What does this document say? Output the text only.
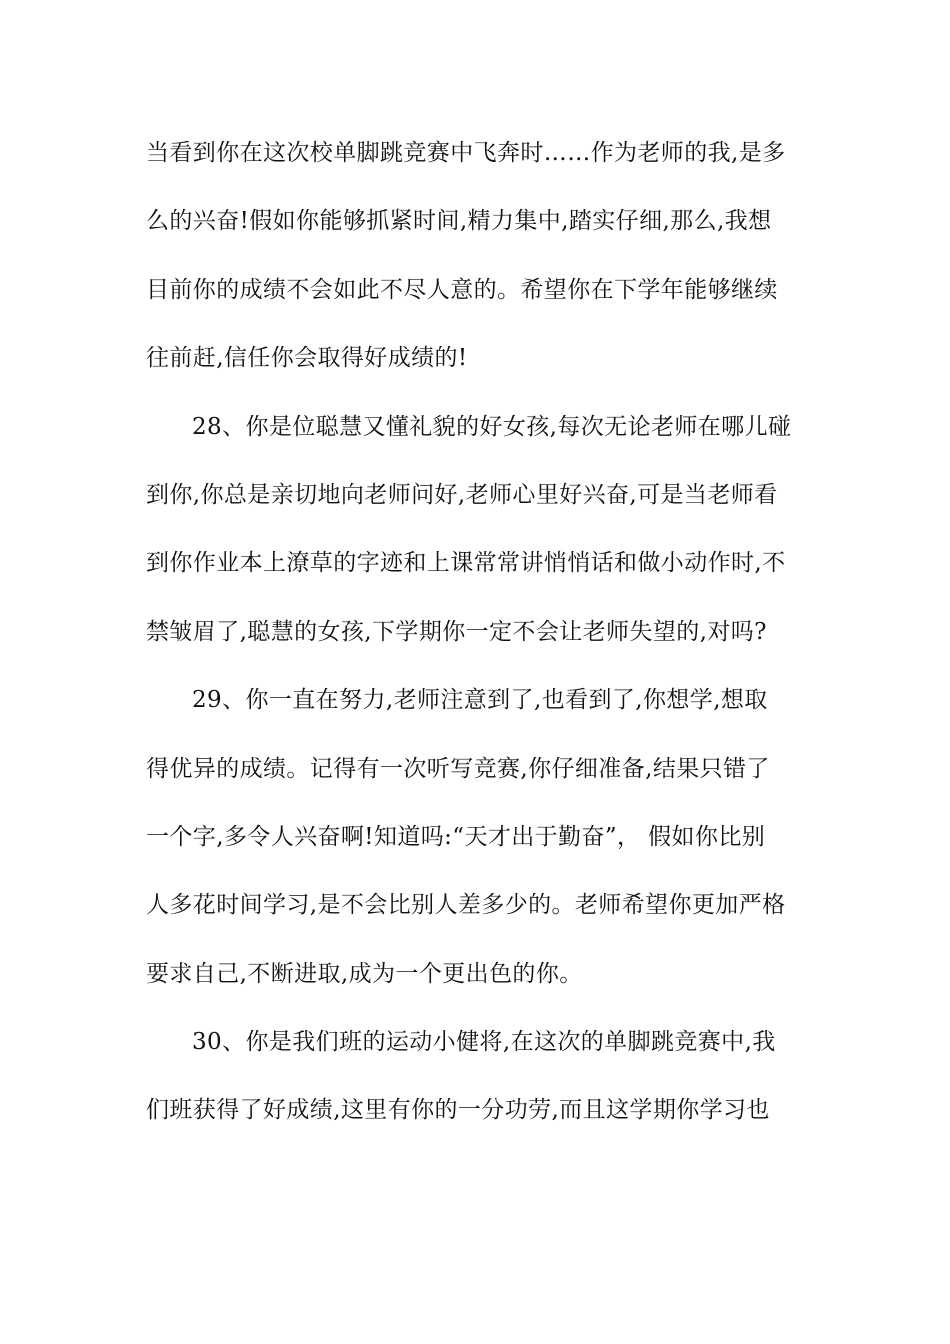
当看到你在这次校单脚跳竞赛中飞奔时……作为老师的我,是多
么的兴奋!假如你能够抓紧时间,精力集中,踏实仔细,那么,我想
目前你的成绩不会如此不尽人意的。希望你在下学年能够继续
往前赶,信任你会取得好成绩的!
28、你是位聪慧又懂礼貌的好女孩,每次无论老师在哪儿碰
到你,你总是亲切地向老师问好,老师心里好兴奋,可是当老师看
到你作业本上潦草的字迹和上课常常讲悄悄话和做小动作时,不
禁皱眉了,聪慧的女孩,下学期你一定不会让老师失望的,对吗?
29、你一直在努力,老师注意到了,也看到了,你想学,想取
得优异的成绩。记得有一次听写竞赛,你仔细准备,结果只错了
一个字,多令人兴奋啊!知道吗:“天才出于勤奋”， 假如你比别
人多花时间学习,是不会比别人差多少的。老师希望你更加严格
要求自己,不断进取,成为一个更出色的你。
30、你是我们班的运动小健将,在这次的单脚跳竞赛中,我
们班获得了好成绩,这里有你的一分功劳,而且这学期你学习也
